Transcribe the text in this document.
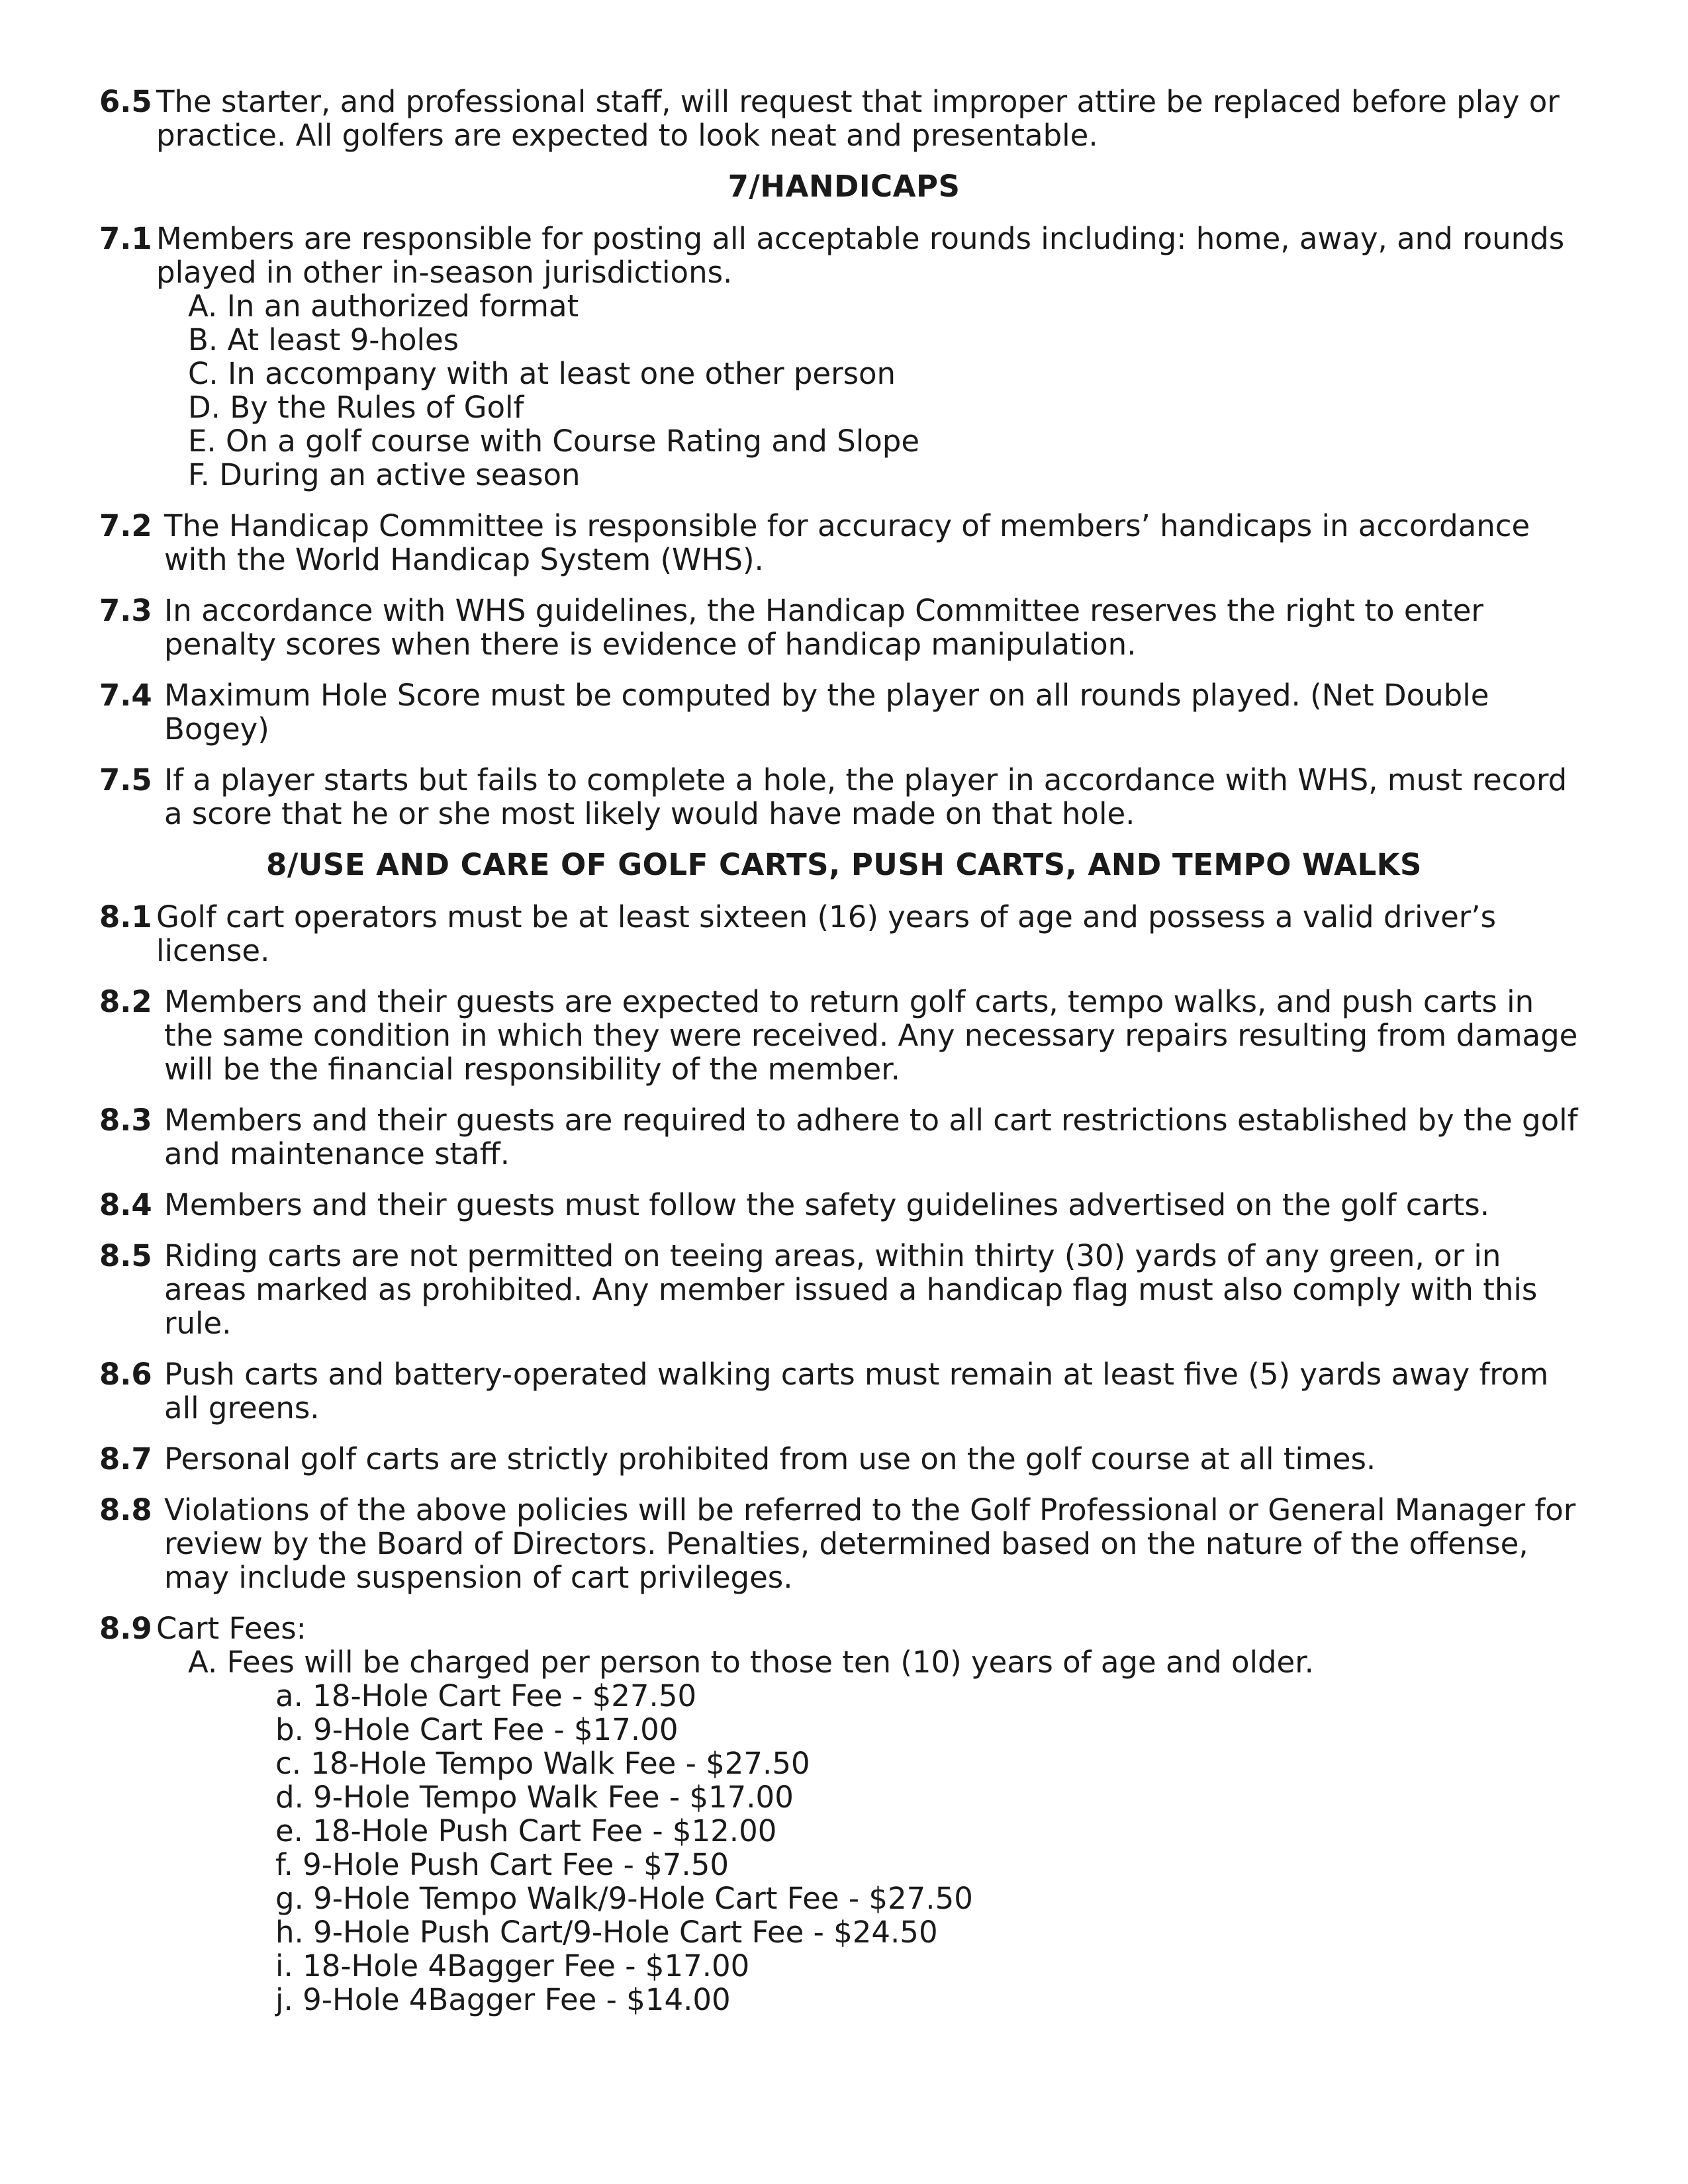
6.5 The starter, and professional staff, will request that improper attire be replaced before play or practice. All golfers are expected to look neat and presentable.
7/HANDICAPS
7.1 Members are responsible for posting all acceptable rounds including: home, away, and rounds played in other in-season jurisdictions.
A. In an authorized format
B. At least 9-holes
C. In accompany with at least one other person
D. By the Rules of Golf
E. On a golf course with Course Rating and Slope
F. During an active season
7.2 The Handicap Committee is responsible for accuracy of members’ handicaps in accordance with the World Handicap System (WHS).
7.3 In accordance with WHS guidelines, the Handicap Committee reserves the right to enter penalty scores when there is evidence of handicap manipulation.
7.4 Maximum Hole Score must be computed by the player on all rounds played. (Net Double Bogey)
7.5 If a player starts but fails to complete a hole, the player in accordance with WHS, must record a score that he or she most likely would have made on that hole.
8/USE AND CARE OF GOLF CARTS, PUSH CARTS, AND TEMPO WALKS
8.1 Golf cart operators must be at least sixteen (16) years of age and possess a valid driver’s license.
8.2 Members and their guests are expected to return golf carts, tempo walks, and push carts in the same condition in which they were received. Any necessary repairs resulting from damage will be the financial responsibility of the member.
8.3 Members and their guests are required to adhere to all cart restrictions established by the golf and maintenance staff.
8.4 Members and their guests must follow the safety guidelines advertised on the golf carts.
8.5 Riding carts are not permitted on teeing areas, within thirty (30) yards of any green, or in areas marked as prohibited. Any member issued a handicap flag must also comply with this rule.
8.6 Push carts and battery-operated walking carts must remain at least five (5) yards away from all greens.
8.7 Personal golf carts are strictly prohibited from use on the golf course at all times.
8.8 Violations of the above policies will be referred to the Golf Professional or General Manager for review by the Board of Directors. Penalties, determined based on the nature of the offense, may include suspension of cart privileges.
8.9 Cart Fees:
A. Fees will be charged per person to those ten (10) years of age and older.
a. 18-Hole Cart Fee - $27.50
b. 9-Hole Cart Fee - $17.00
c. 18-Hole Tempo Walk Fee - $27.50
d. 9-Hole Tempo Walk Fee - $17.00
e. 18-Hole Push Cart Fee - $12.00
f. 9-Hole Push Cart Fee - $7.50
g. 9-Hole Tempo Walk/9-Hole Cart Fee - $27.50
h. 9-Hole Push Cart/9-Hole Cart Fee - $24.50
i. 18-Hole 4Bagger Fee - $17.00
j. 9-Hole 4Bagger Fee - $14.00
